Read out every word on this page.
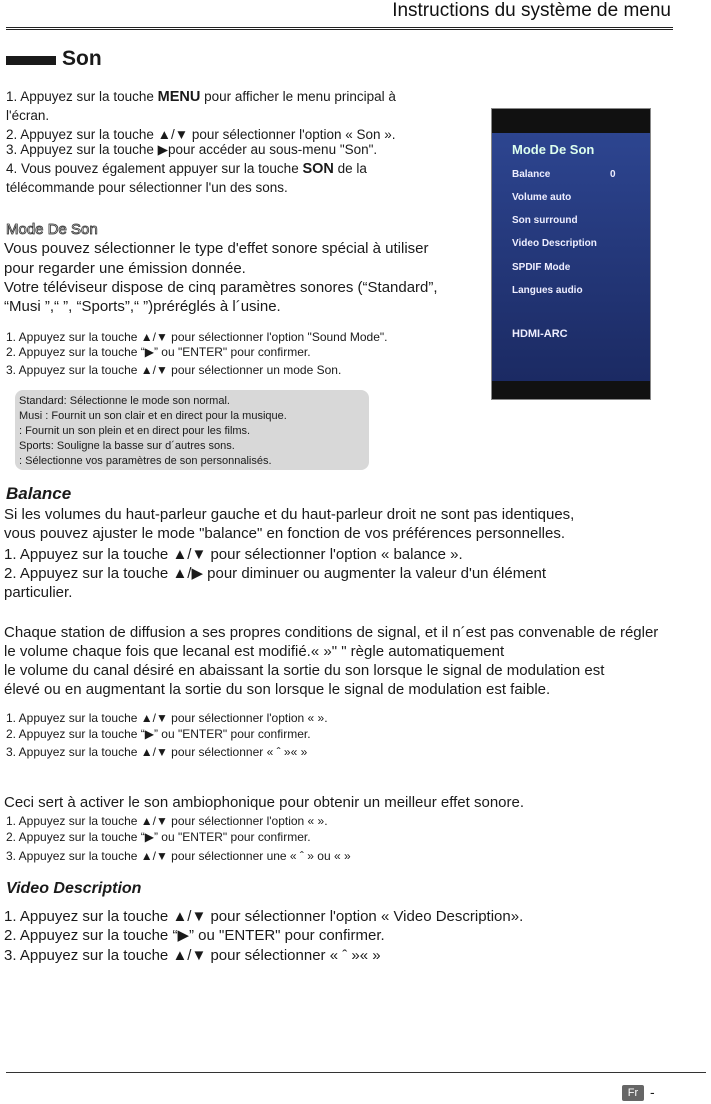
Instructions du système de menu
Son
1. Appuyez sur la touche MENU pour afficher le menu principal à
l'écran.
2. Appuyez sur la touche ▲/▼ pour sélectionner l'option « Son ».
3. Appuyez sur la touche ▶pour accéder au sous-menu "Son".
4. Vous pouvez également appuyer sur la touche SON de la
télécommande pour sélectionner l'un des sons.
Mode De Son
Balance	0
Volume auto
Son surround
Video Description
SPDIF Mode
Langues audio
HDMI-ARC
Mode De Son
Vous pouvez sélectionner le type d'effet sonore spécial à utiliser
pour regarder une émission donnée.
Votre téléviseur dispose de cinq paramètres sonores (“Standard”,
“Musi ”,“ ”, “Sports”,“ ”)préréglés à l´usine.
1. Appuyez sur la touche ▲/▼ pour sélectionner l'option "Sound Mode".
2. Appuyez sur la touche “▶” ou "ENTER" pour confirmer.
3. Appuyez sur la touche ▲/▼ pour sélectionner un mode Son.
Standard: Sélectionne le mode son normal.
Musi : Fournit un son clair et en direct pour la musique.
: Fournit un son plein et en direct pour les films.
Sports: Souligne la basse sur d´autres sons.
: Sélectionne vos paramètres de son personnalisés.
Balance
Si les volumes du haut-parleur gauche et du haut-parleur droit ne sont pas identiques,
vous pouvez ajuster le mode "balance" en fonction de vos préférences personnelles.
1. Appuyez sur la touche ▲/▼ pour sélectionner l'option « balance ».
2. Appuyez sur la touche ▲/▶ pour diminuer ou augmenter la valeur d'un élément
particulier.
Chaque station de diffusion a ses propres conditions de signal, et il n´est pas convenable de régler
le volume chaque fois que lecanal est modifié.« »" " règle automatiquement
le volume du canal désiré en abaissant la sortie du son lorsque le signal de modulation est
élevé ou en augmentant la sortie du son lorsque le signal de modulation est faible.
1. Appuyez sur la touche ▲/▼ pour sélectionner l'option « ».
2. Appuyez sur la touche “▶” ou "ENTER" pour confirmer.
3. Appuyez sur la touche ▲/▼ pour sélectionner « ˆ »« »
Ceci sert à activer le son ambiophonique pour obtenir un meilleur effet sonore.
1. Appuyez sur la touche ▲/▼ pour sélectionner l'option « ».
2. Appuyez sur la touche “▶” ou "ENTER" pour confirmer.
3. Appuyez sur la touche ▲/▼ pour sélectionner une « ˆ » ou « »
Video Description
1. Appuyez sur la touche ▲/▼ pour sélectionner l'option « Video Description».
2. Appuyez sur la touche “▶” ou "ENTER" pour confirmer.
3. Appuyez sur la touche ▲/▼ pour sélectionner « ˆ »« »
Fr -
